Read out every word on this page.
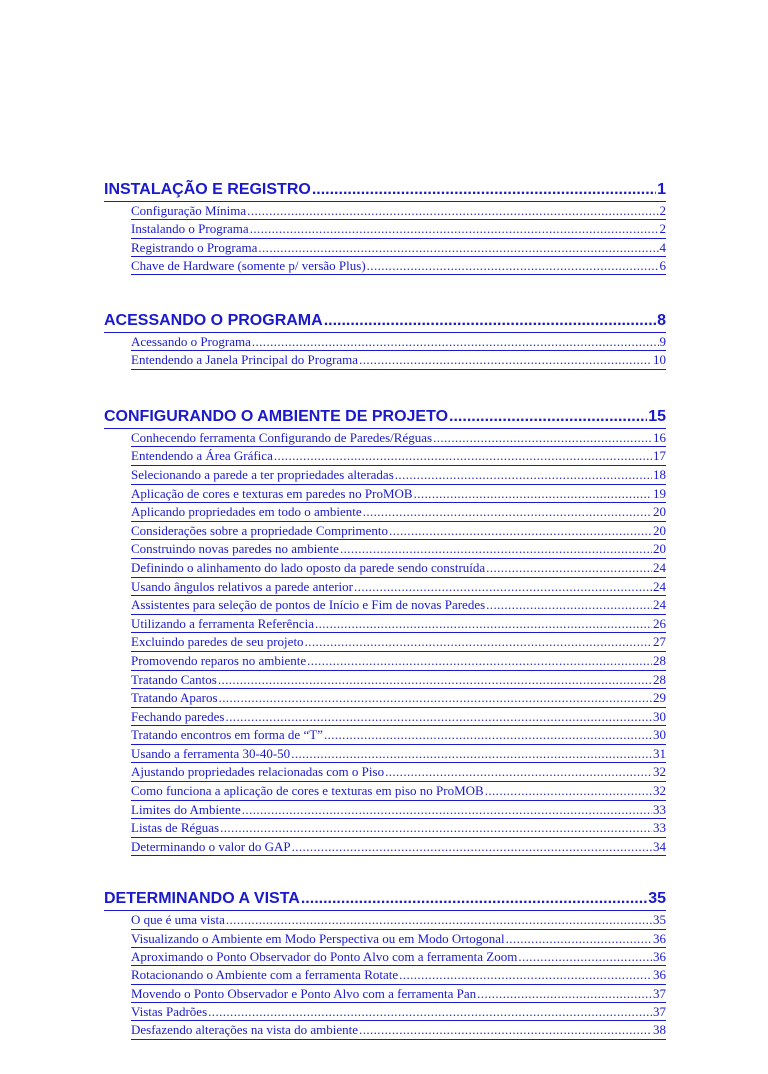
INSTALAÇÃO E REGISTRO .....	1
Configuração Mínima .....	2
Instalando o Programa .....	2
Registrando o Programa .....	4
Chave de Hardware (somente p/ versão Plus) .....	6
ACESSANDO O PROGRAMA .....	8
Acessando o Programa .....	9
Entendendo a Janela Principal do Programa .....	10
CONFIGURANDO O AMBIENTE DE PROJETO .....	15
Conhecendo ferramenta Configurando de Paredes/Réguas .....	16
Entendendo a Área Gráfica .....	17
Selecionando a parede a ter propriedades alteradas .....	18
Aplicação de cores e texturas em paredes no ProMOB .....	19
Aplicando propriedades em todo o ambiente .....	20
Considerações sobre a propriedade Comprimento .....	20
Construindo novas paredes no ambiente .....	20
Definindo o alinhamento do lado oposto da parede sendo construída .....	24
Usando ângulos relativos a parede anterior .....	24
Assistentes para seleção de pontos de Início e Fim de novas Paredes .....	24
Utilizando a ferramenta Referência .....	26
Excluindo paredes de seu projeto .....	27
Promovendo reparos no ambiente .....	28
Tratando Cantos .....	28
Tratando Aparos .....	29
Fechando paredes .....	30
Tratando encontros em forma de “T” .....	30
Usando a ferramenta 30-40-50 .....	31
Ajustando propriedades relacionadas com o Piso .....	32
Como funciona a aplicação de cores e texturas em piso no ProMOB .....	32
Limites do Ambiente .....	33
Listas de Réguas .....	33
Determinando o valor do GAP .....	34
DETERMINANDO A VISTA .....	35
O que é uma vista .....	35
Visualizando o Ambiente em Modo Perspectiva ou em Modo Ortogonal .....	36
Aproximando o Ponto Observador do Ponto Alvo com a ferramenta Zoom .....	36
Rotacionando o Ambiente com a ferramenta Rotate .....	36
Movendo o Ponto Observador e Ponto Alvo com a ferramenta Pan .....	37
Vistas Padrões .....	37
Desfazendo alterações na vista do ambiente .....	38
